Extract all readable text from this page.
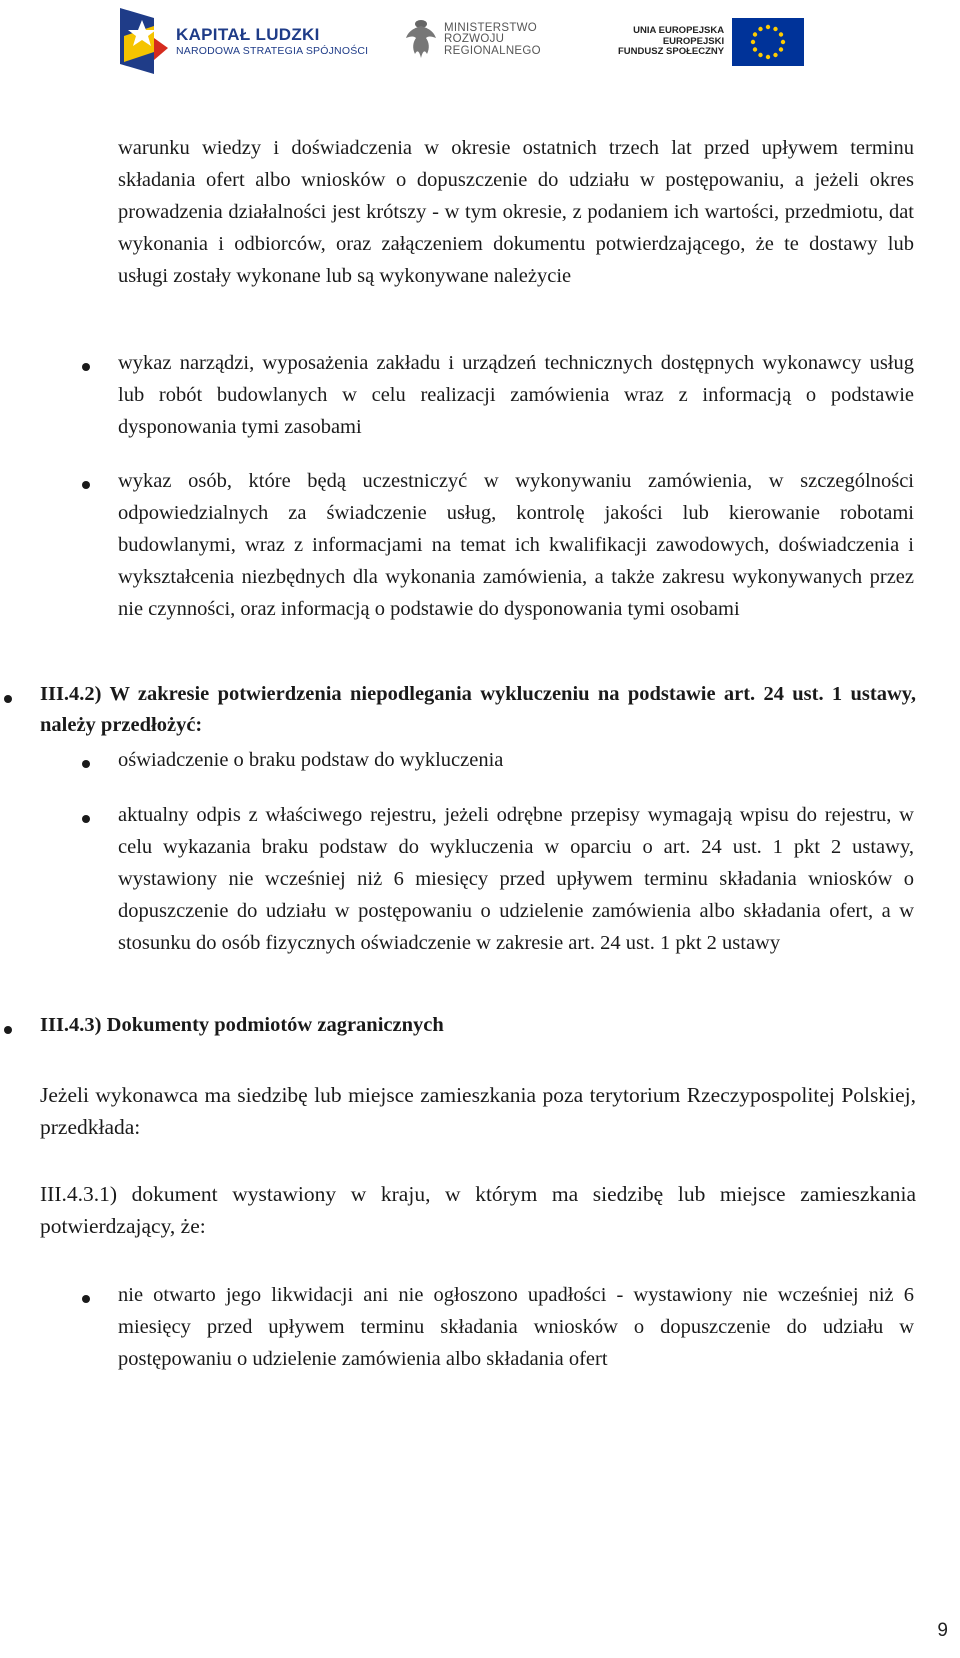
KAPITAŁ LUDZKI
NARODOWA STRATEGIA SPÓJNOŚCI
MINISTERSTWO
ROZWOJU
REGIONALNEGO
UNIA EUROPEJSKA
EUROPEJSKI
FUNDUSZ SPOŁECZNY

warunku wiedzy i doświadczenia w okresie ostatnich trzech lat przed upływem terminu składania ofert albo wniosków o dopuszczenie do udziału w postępowaniu, a jeżeli okres prowadzenia działalności jest krótszy - w tym okresie, z podaniem ich wartości, przedmiotu, dat wykonania i odbiorców, oraz załączeniem dokumentu potwierdzającego, że te dostawy lub usługi zostały wykonane lub są wykonywane należycie

wykaz narządzi, wyposażenia zakładu i urządzeń technicznych dostępnych wykonawcy usług lub robót budowlanych w celu realizacji zamówienia wraz z informacją o podstawie dysponowania tymi zasobami

wykaz osób, które będą uczestniczyć w wykonywaniu zamówienia, w szczególności odpowiedzialnych za świadczenie usług, kontrolę jakości lub kierowanie robotami budowlanymi, wraz z informacjami na temat ich kwalifikacji zawodowych, doświadczenia i wykształcenia niezbędnych dla wykonania zamówienia, a także zakresu wykonywanych przez nie czynności, oraz informacją o podstawie do dysponowania tymi osobami

III.4.2) W zakresie potwierdzenia niepodlegania wykluczeniu na podstawie art. 24 ust. 1 ustawy, należy przedłożyć:

oświadczenie o braku podstaw do wykluczenia

aktualny odpis z właściwego rejestru, jeżeli odrębne przepisy wymagają wpisu do rejestru, w celu wykazania braku podstaw do wykluczenia w oparciu o art. 24 ust. 1 pkt 2 ustawy, wystawiony nie wcześniej niż 6 miesięcy przed upływem terminu składania wniosków o dopuszczenie do udziału w postępowaniu o udzielenie zamówienia albo składania ofert, a w stosunku do osób fizycznych oświadczenie w zakresie art. 24 ust. 1 pkt 2 ustawy

III.4.3) Dokumenty podmiotów zagranicznych

Jeżeli wykonawca ma siedzibę lub miejsce zamieszkania poza terytorium Rzeczypospolitej Polskiej, przedkłada:

III.4.3.1) dokument wystawiony w kraju, w którym ma siedzibę lub miejsce zamieszkania potwierdzający, że:

nie otwarto jego likwidacji ani nie ogłoszono upadłości - wystawiony nie wcześniej niż 6 miesięcy przed upływem terminu składania wniosków o dopuszczenie do udziału w postępowaniu o udzielenie zamówienia albo składania ofert

9
